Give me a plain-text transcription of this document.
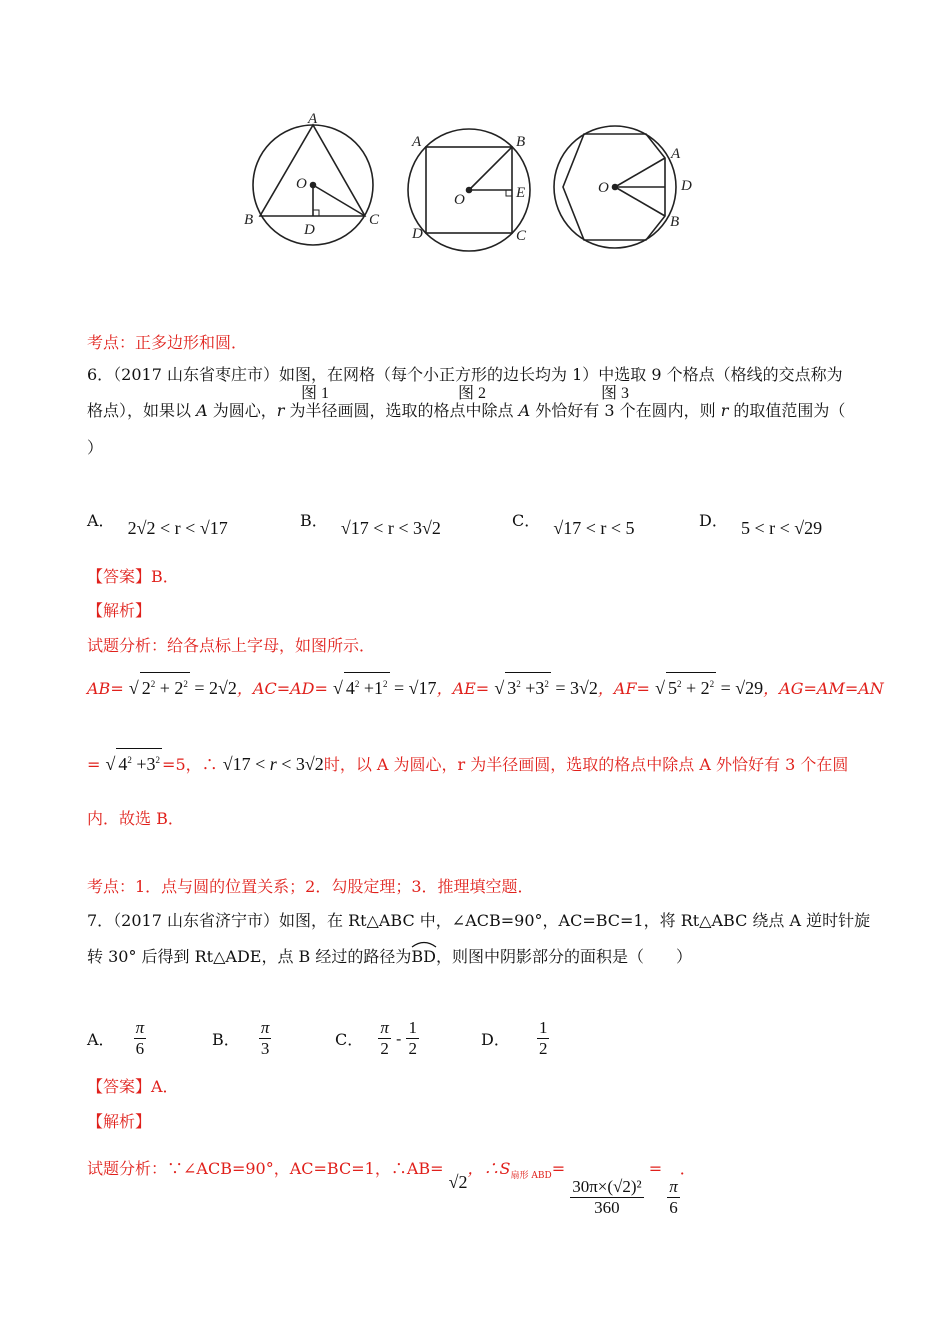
A
O
B
D
C
A	B
O	E
D	C
A
O	D
B
图 1	图 2	图 3
考点：正多边形和圆．
6．（2017 山东省枣庄市）如图，在网格（每个小正方形的边长均为 1）中选取 9 个格点（格线的交点称为
格点），如果以 A 为圆心，r 为半径画圆，选取的格点中除点 A 外恰好有 3 个在圆内，则 r 的取值范围为（
）
A． 2√2 < r < √17	B． √17 < r < 3√2	C． √17 < r < 5	D． 5 < r < √29
【答案】B．
【解析】
试题分析：给各点标上字母，如图所示．
AB= √ $2^2 + 2^2 = 2√2$，AC=AD= √ $4^2 +1^2 = √17$，AE= √ $3^2 +3^2 = 3√2$，AF= √ $5^2 + 2^2 = √29$，AG=AM=AN
= √ $4^2 +3^2 =5$，∴ √17 < r < 3√2时，以 A 为圆心，r 为半径画圆，选取的格点中除点 A 外恰好有 3 个在圆
内．故选 B．
考点：1．点与圆的位置关系；2．勾股定理；3．推理填空题．
7．（2017 山东省济宁市）如图，在 Rt△ABC 中，∠ACB=90°，AC=BC=1，将 Rt△ABC 绕点 A 逆时针旋
转 30° 后得到 Rt△ADE，点 B 经过的路径为
BD，则图中阴影部分的面积是（　　）
A． $\frac{\pi}{6}$	B． $\frac{\pi}{3}$	C． $\frac{\pi}{2} - \frac{1}{2}$	D． $\frac{1}{2}$
【答案】A．
【解析】
试题分析：∵∠ACB=90°，AC=BC=1，∴AB= √2，$\therefore S_{扇形 ABD}=$
$\frac{\text{30π×(√2)²}}{360}$
=
$\frac{\pi}{6}$
．
